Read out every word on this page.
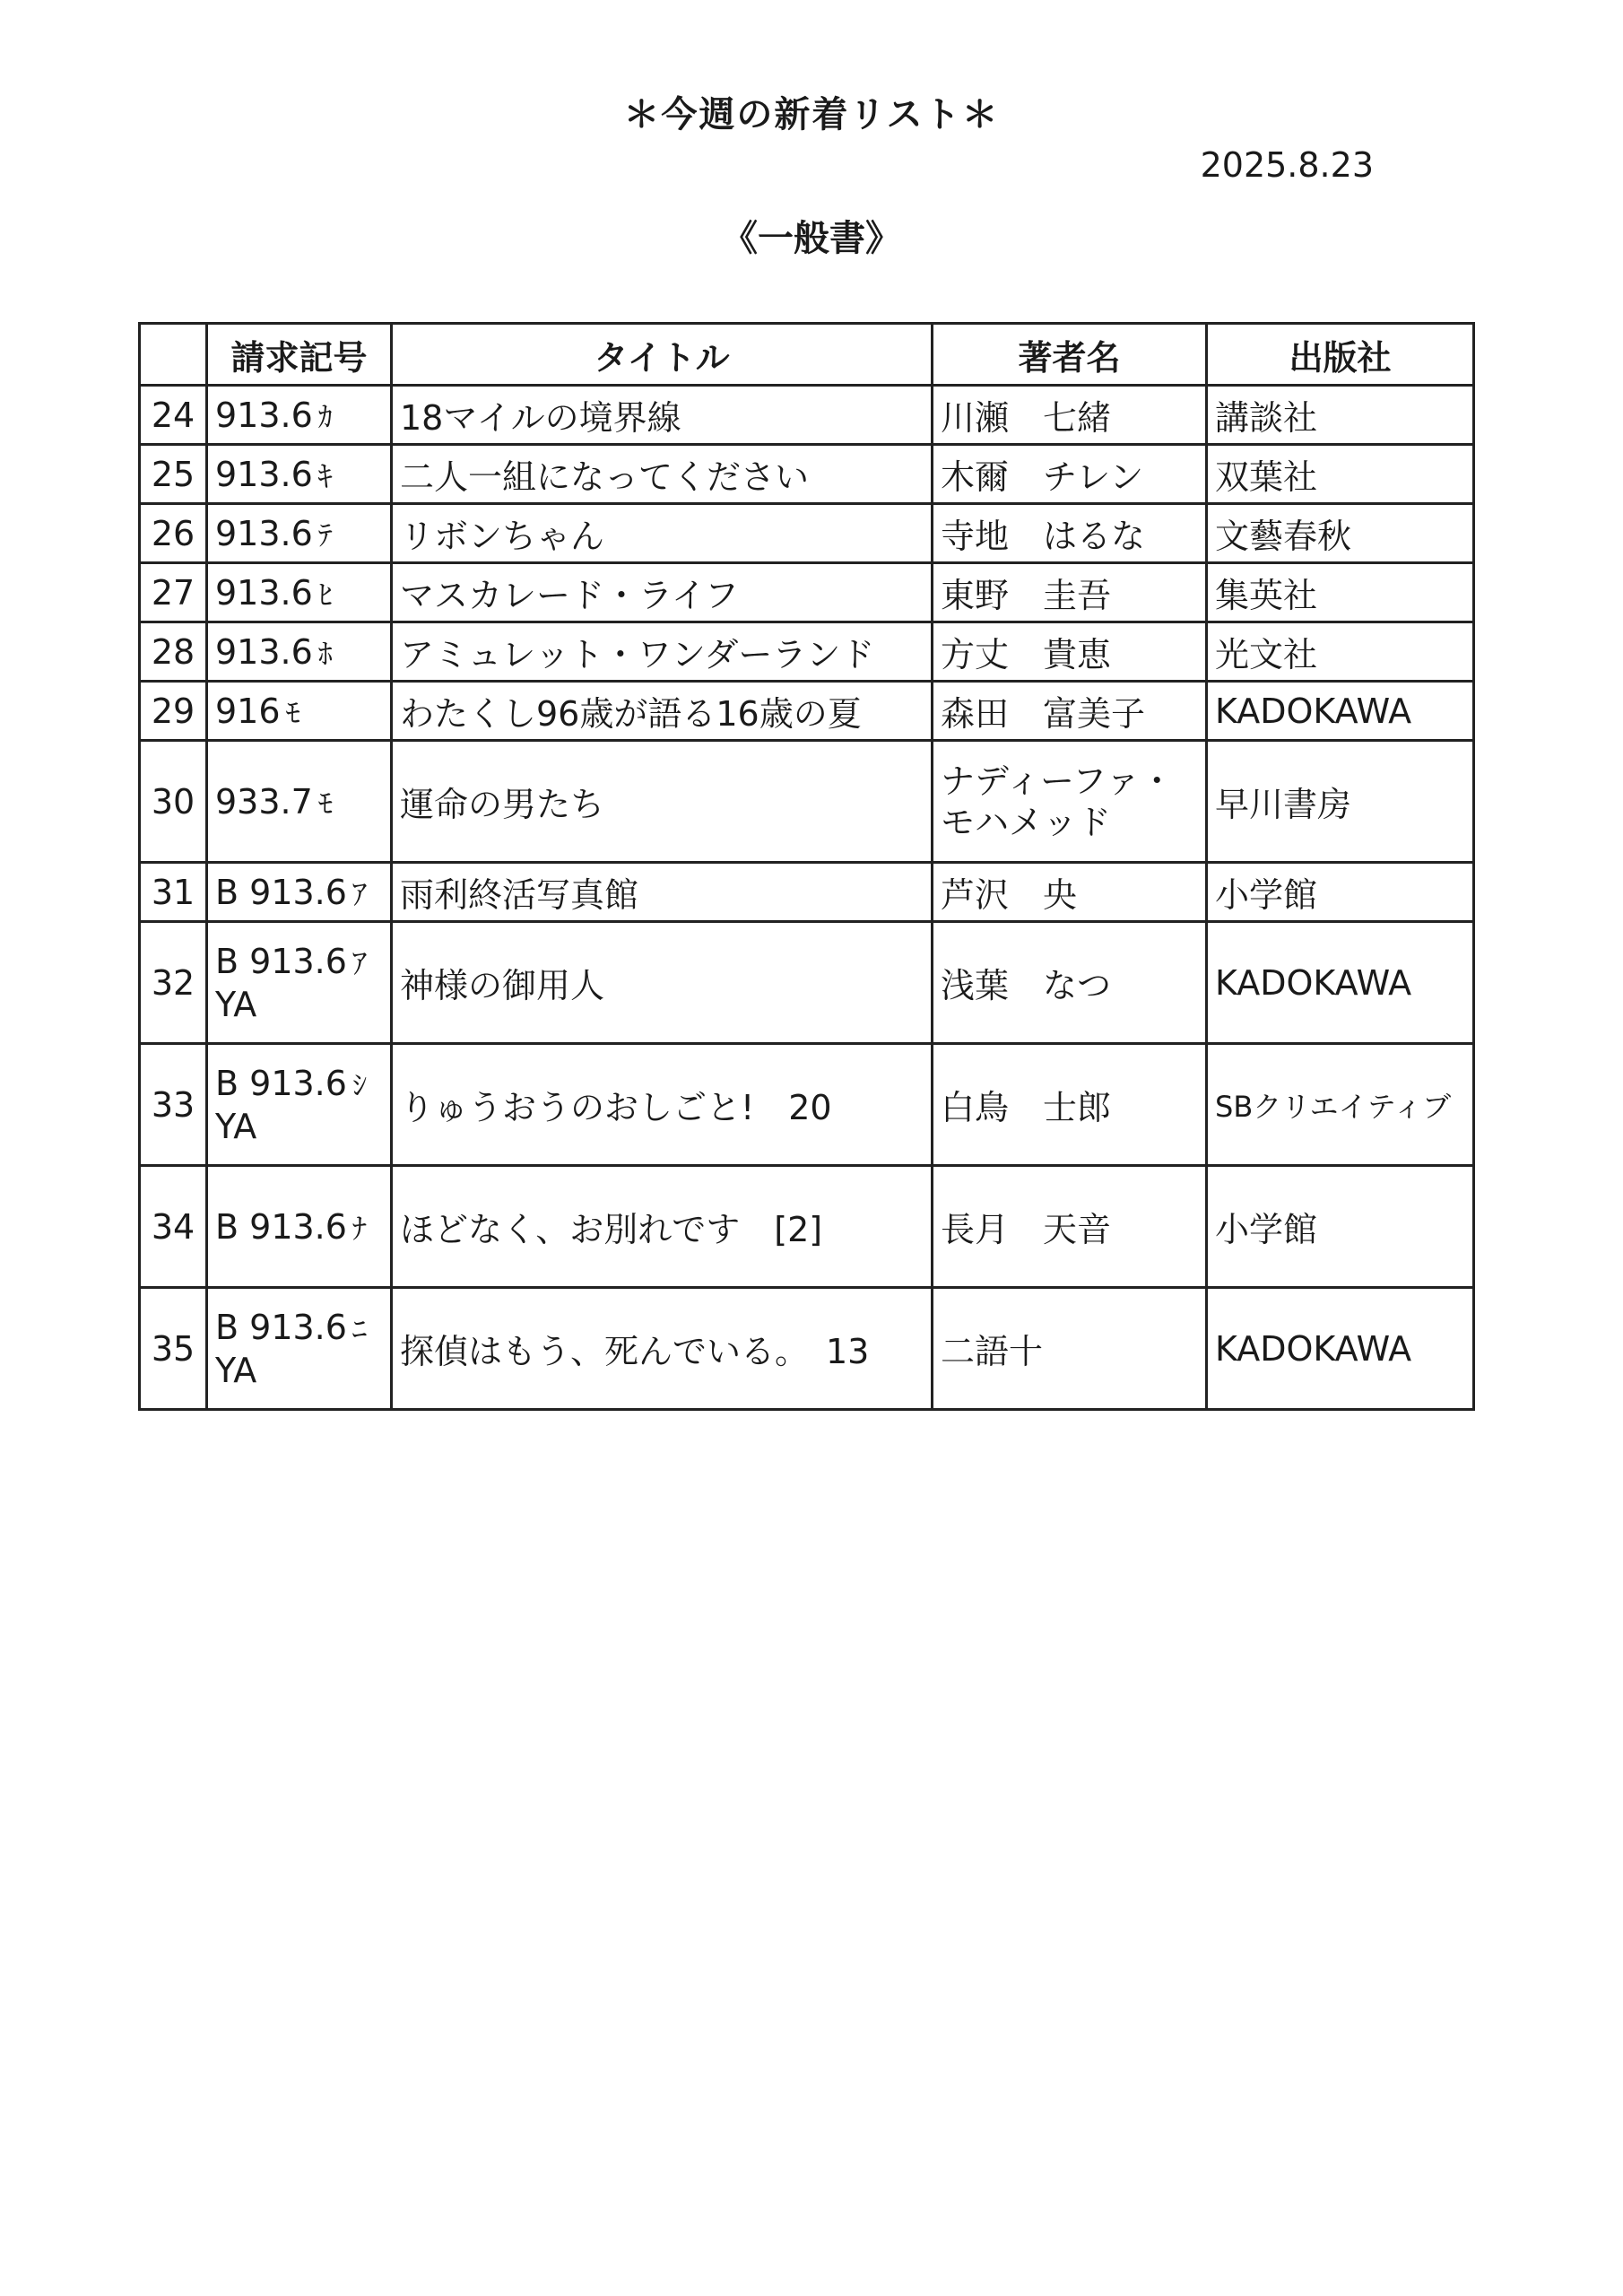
＊今週の新着リスト＊
2025.8.23
《一般書》
	請求記号	タイトル	著者名	出版社
24	913.6 ｶ	18マイルの境界線	川瀬　七緒	講談社
25	913.6 ｷ	二人一組になってください	木爾　チレン	双葉社
26	913.6 ﾃ	リボンちゃん	寺地　はるな	文藝春秋
27	913.6 ﾋ	マスカレード・ライフ	東野　圭吾	集英社
28	913.6 ﾎ	アミュレット・ワンダーランド	方丈　貴恵	光文社
29	916 ﾓ	わたくし96歳が語る16歳の夏	森田　富美子	KADOKAWA
30	933.7 ﾓ	運命の男たち	ナディーファ・
モハメッド	早川書房
31	B 913.6 ｱ	雨利終活写真館	芦沢　央	小学館
32	B 913.6 ｱ
YA	神様の御用人	浅葉　なつ	KADOKAWA
33	B 913.6 ｼ
YA	りゅうおうのおしごと!　20	白鳥　士郎	SBクリエイティブ
34	B 913.6 ﾅ	ほどなく、お別れです　[2]	長月　天音	小学館
35	B 913.6 ﾆ
YA	探偵はもう、死んでいる。　13	二語十	KADOKAWA
